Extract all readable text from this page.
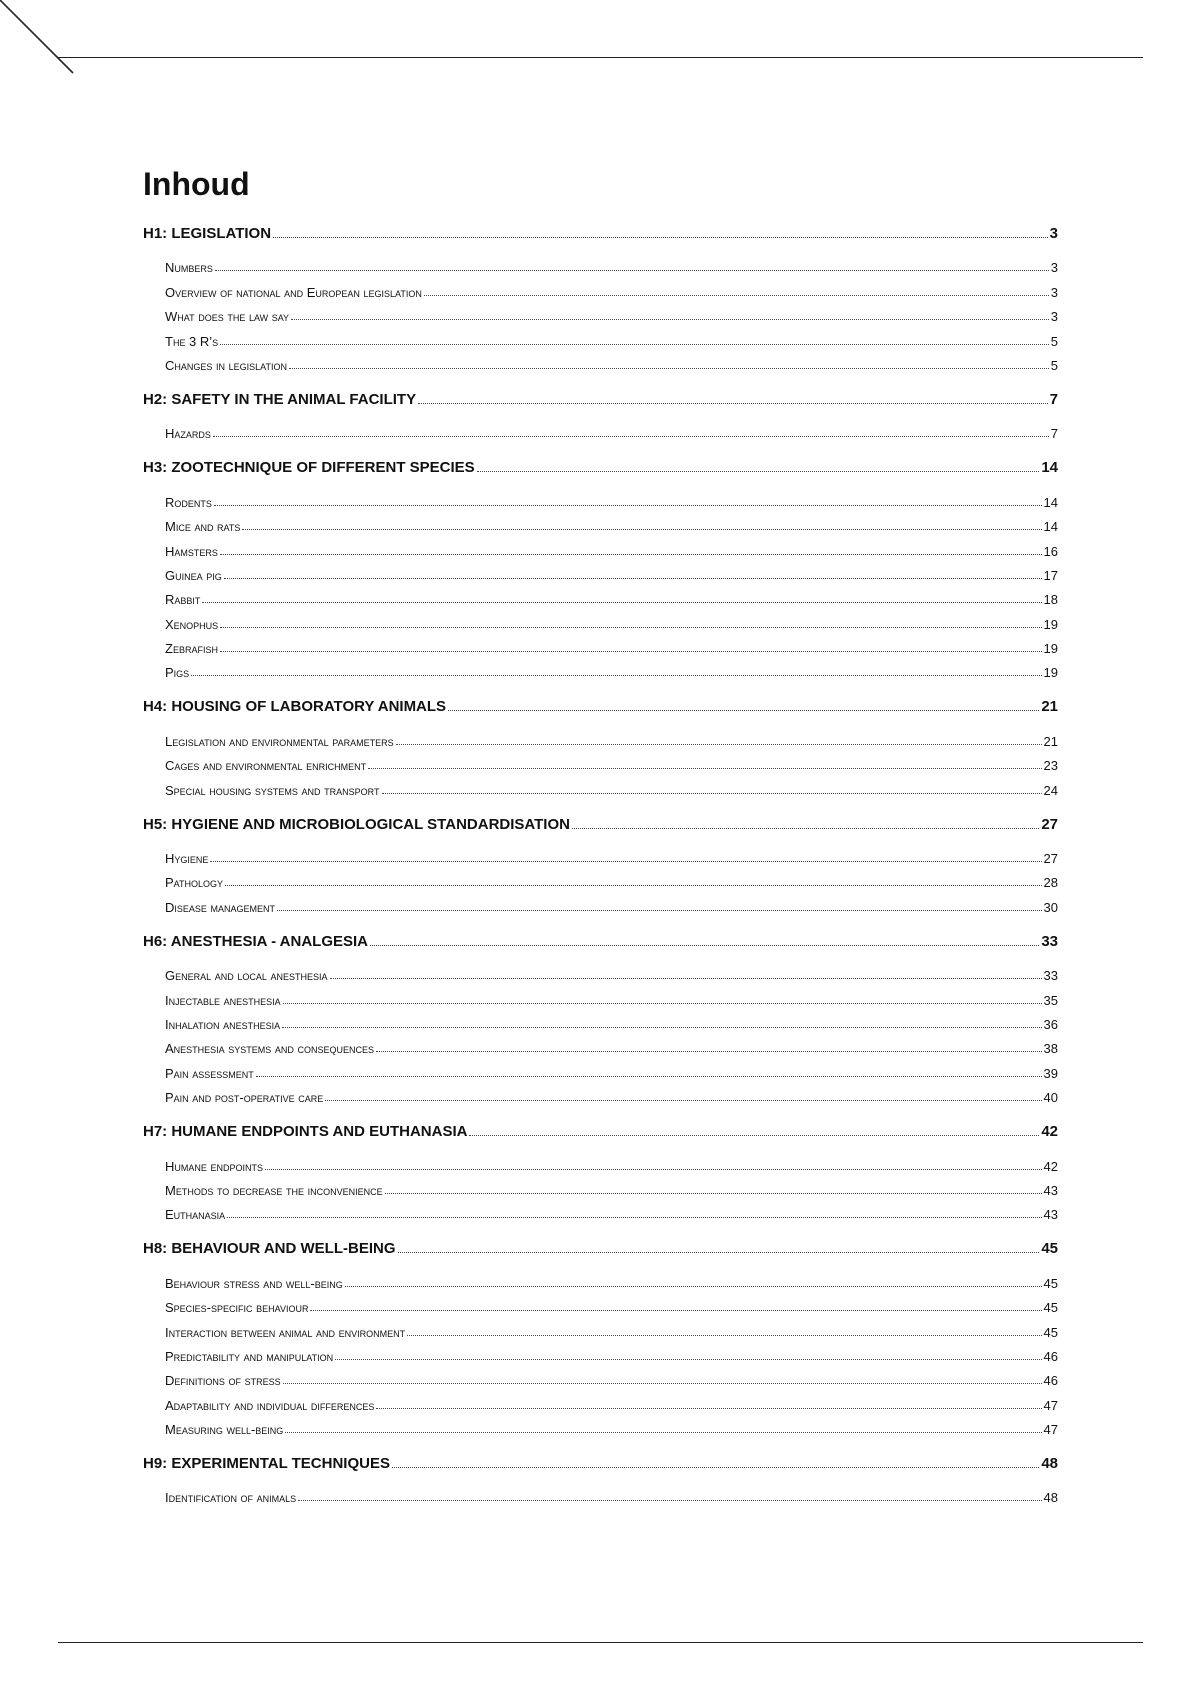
Inhoud
H1: LEGISLATION	3
Numbers	3
Overview of national and European legislation	3
What does the law say	3
The 3 R’s	5
Changes in legislation	5
H2: SAFETY IN THE ANIMAL FACILITY	7
Hazards	7
H3: ZOOTECHNIQUE OF DIFFERENT SPECIES	14
Rodents	14
Mice and rats	14
Hamsters	16
Guinea pig	17
Rabbit	18
Xenophus	19
Zebrafish	19
Pigs	19
H4: HOUSING OF LABORATORY ANIMALS	21
Legislation and environmental parameters	21
Cages and environmental enrichment	23
Special housing systems and transport	24
H5: HYGIENE AND MICROBIOLOGICAL STANDARDISATION	27
Hygiene	27
Pathology	28
Disease management	30
H6: ANESTHESIA - ANALGESIA	33
General and local anesthesia	33
Injectable anesthesia	35
Inhalation anesthesia	36
Anesthesia systems and consequences	38
Pain assessment	39
Pain and post-operative care	40
H7: HUMANE ENDPOINTS AND EUTHANASIA	42
Humane endpoints	42
Methods to decrease the inconvenience	43
Euthanasia	43
H8: BEHAVIOUR AND WELL-BEING	45
Behaviour stress and well-being	45
Species-specific behaviour	45
Interaction between animal and environment	45
Predictability and manipulation	46
Definitions of stress	46
Adaptability and individual differences	47
Measuring well-being	47
H9: EXPERIMENTAL TECHNIQUES	48
Identification of animals	48
